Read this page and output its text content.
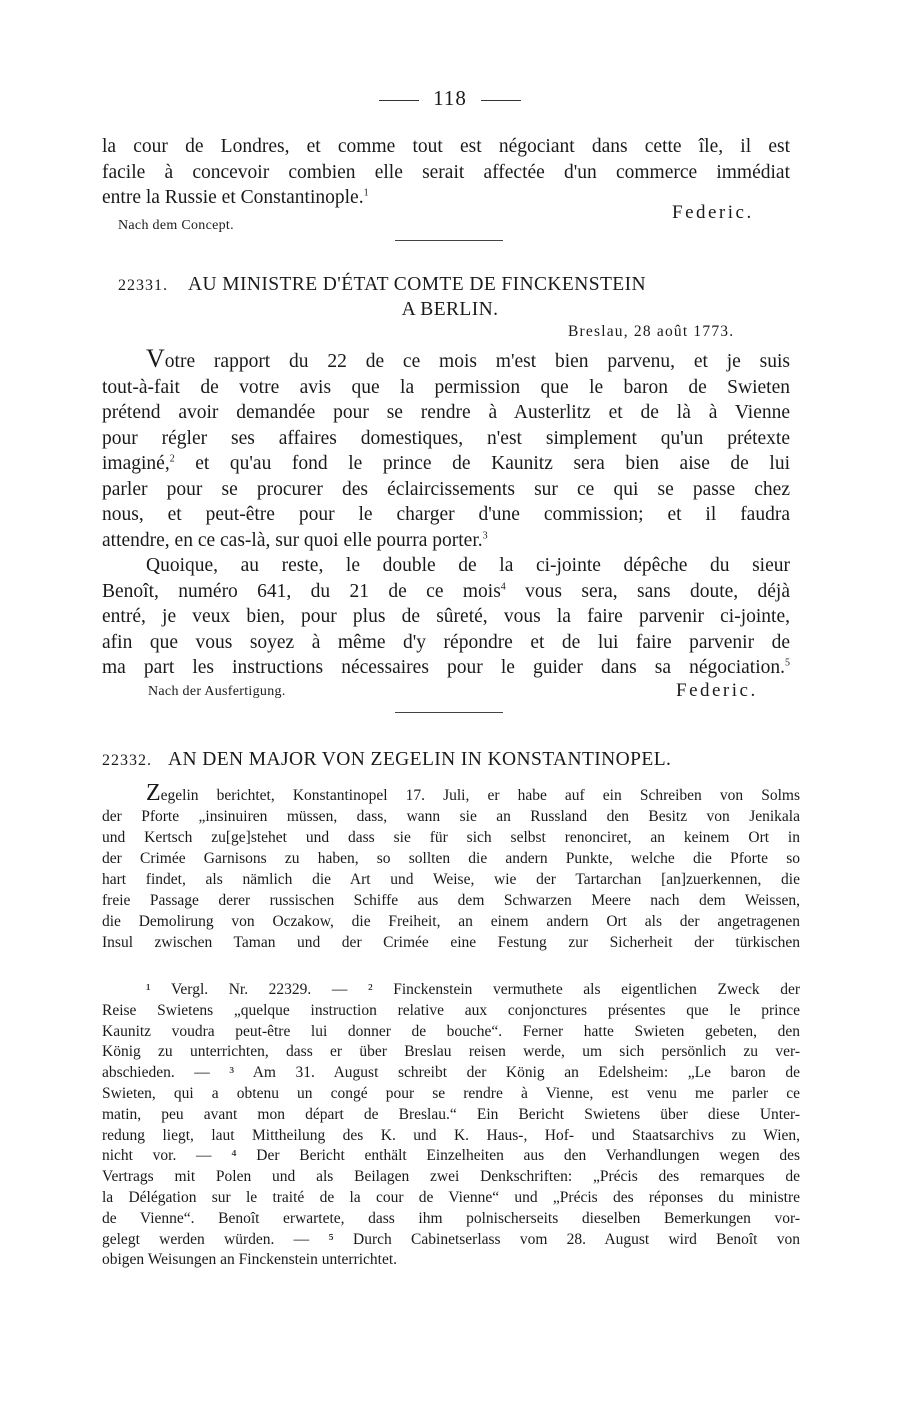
118
la cour de Londres, et comme tout est négociant dans cette île, il est
facile à concevoir combien elle serait affectée d'un commerce immédiat
entre la Russie et Constantinople.$^1$
Federic.
Nach dem Concept.
22331. AU MINISTRE D'ÉTAT COMTE DE FINCKENSTEIN
A BERLIN.
Breslau, 28 août 1773.
Votre rapport du 22 de ce mois m'est bien parvenu, et je suis
tout-à-fait de votre avis que la permission que le baron de Swieten
prétend avoir demandée pour se rendre à Austerlitz et de là à Vienne
pour régler ses affaires domestiques, n'est simplement qu'un prétexte
imaginé,$^2$ et qu'au fond le prince de Kaunitz sera bien aise de lui
parler pour se procurer des éclaircissements sur ce qui se passe chez
nous, et peut-être pour le charger d'une commission; et il faudra
attendre, en ce cas-là, sur quoi elle pourra porter.$^3$
Quoique, au reste, le double de la ci-jointe dépêche du sieur
Benoît, numéro 641, du 21 de ce mois$^4$ vous sera, sans doute, déjà
entré, je veux bien, pour plus de sûreté, vous la faire parvenir ci-jointe,
afin que vous soyez à même d'y répondre et de lui faire parvenir de
ma part les instructions nécessaires pour le guider dans sa négociation.$^5$
Nach der Ausfertigung.	Federic.
22332. AN DEN MAJOR VON ZEGELIN IN KONSTANTINOPEL.
Zegelin berichtet, Konstantinopel 17. Juli, er habe auf ein Schreiben von Solms
der Pforte „insinuiren müssen, dass, wann sie an Russland den Besitz von Jenikala
und Kertsch zu[ge]stehet und dass sie für sich selbst renonciret, an keinem Ort in
der Crimée Garnisons zu haben, so sollten die andern Punkte, welche die Pforte so
hart findet, als nämlich die Art und Weise, wie der Tartarchan [an]zuerkennen, die
freie Passage derer russischen Schiffe aus dem Schwarzen Meere nach dem Weissen,
die Demolirung von Oczakow, die Freiheit, an einem andern Ort als der angetragenen
Insul zwischen Taman und der Crimée eine Festung zur Sicherheit der türkischen
¹ Vergl. Nr. 22329. — ² Finckenstein vermuthete als eigentlichen Zweck der
Reise Swietens „quelque instruction relative aux conjonctures présentes que le prince
Kaunitz voudra peut-être lui donner de bouche“. Ferner hatte Swieten gebeten, den
König zu unterrichten, dass er über Breslau reisen werde, um sich persönlich zu ver-
abschieden. — ³ Am 31. August schreibt der König an Edelsheim: „Le baron de
Swieten, qui a obtenu un congé pour se rendre à Vienne, est venu me parler ce
matin, peu avant mon départ de Breslau.“ Ein Bericht Swietens über diese Unter-
redung liegt, laut Mittheilung des K. und K. Haus-, Hof- und Staatsarchivs zu Wien,
nicht vor. — ⁴ Der Bericht enthält Einzelheiten aus den Verhandlungen wegen des
Vertrags mit Polen und als Beilagen zwei Denkschriften: „Précis des remarques de
la Délégation sur le traité de la cour de Vienne“ und „Précis des réponses du ministre
de Vienne“. Benoît erwartete, dass ihm polnischerseits dieselben Bemerkungen vor-
gelegt werden würden. — ⁵ Durch Cabinetserlass vom 28. August wird Benoît von
obigen Weisungen an Finckenstein unterrichtet.
